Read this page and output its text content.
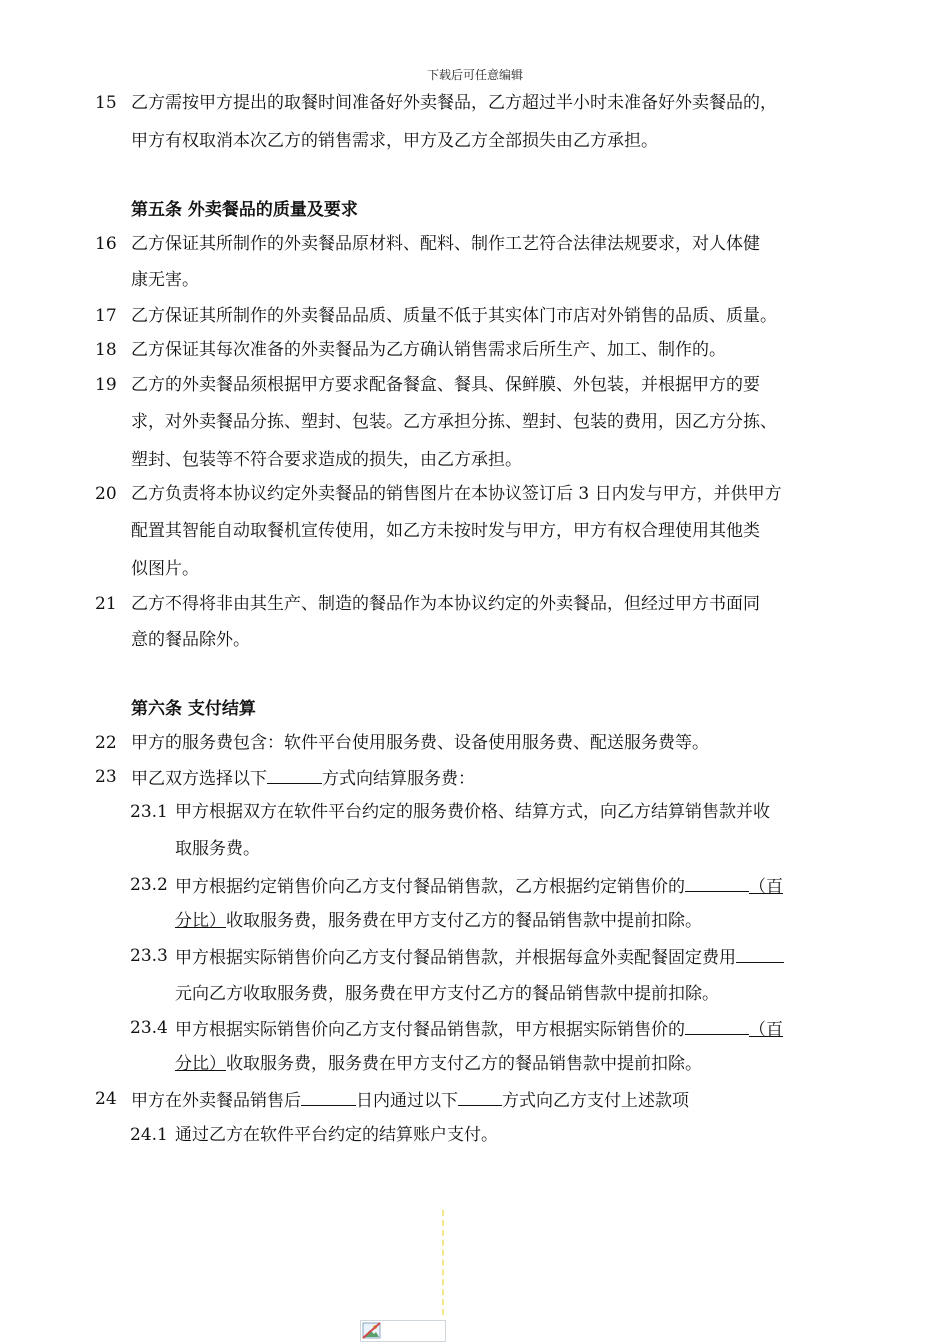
下载后可任意编辑
15 乙方需按甲方提出的取餐时间准备好外卖餐品，乙方超过半小时未准备好外卖餐品的，
甲方有权取消本次乙方的销售需求，甲方及乙方全部损失由乙方承担。
第五条 外卖餐品的质量及要求
16 乙方保证其所制作的外卖餐品原材料、配料、制作工艺符合法律法规要求，对人体健
康无害。
17 乙方保证其所制作的外卖餐品品质、质量不低于其实体门市店对外销售的品质、质量。
18 乙方保证其每次准备的外卖餐品为乙方确认销售需求后所生产、加工、制作的。
19 乙方的外卖餐品须根据甲方要求配备餐盒、餐具、保鲜膜、外包装，并根据甲方的要
求，对外卖餐品分拣、塑封、包装。乙方承担分拣、塑封、包装的费用，因乙方分拣、
塑封、包装等不符合要求造成的损失，由乙方承担。
20 乙方负责将本协议约定外卖餐品的销售图片在本协议签订后 3 日内发与甲方，并供甲方
配置其智能自动取餐机宣传使用，如乙方未按时发与甲方，甲方有权合理使用其他类
似图片。
21 乙方不得将非由其生产、制造的餐品作为本协议约定的外卖餐品，但经过甲方书面同
意的餐品除外。
第六条 支付结算
22 甲方的服务费包含：软件平台使用服务费、设备使用服务费、配送服务费等。
23 甲乙双方选择以下	方式向结算服务费：
23.1 甲方根据双方在软件平台约定的服务费价格、结算方式，向乙方结算销售款并收
取服务费。
23.2 甲方根据约定销售价向乙方支付餐品销售款，乙方根据约定销售价的	（百
分比）收取服务费，服务费在甲方支付乙方的餐品销售款中提前扣除。
23.3 甲方根据实际销售价向乙方支付餐品销售款，并根据每盒外卖配餐固定费用
元向乙方收取服务费，服务费在甲方支付乙方的餐品销售款中提前扣除。
23.4 甲方根据实际销售价向乙方支付餐品销售款，甲方根据实际销售价的	（百
分比）收取服务费，服务费在甲方支付乙方的餐品销售款中提前扣除。
24 甲方在外卖餐品销售后	日内通过以下	方式向乙方支付上述款项
24.1 通过乙方在软件平台约定的结算账户支付。
